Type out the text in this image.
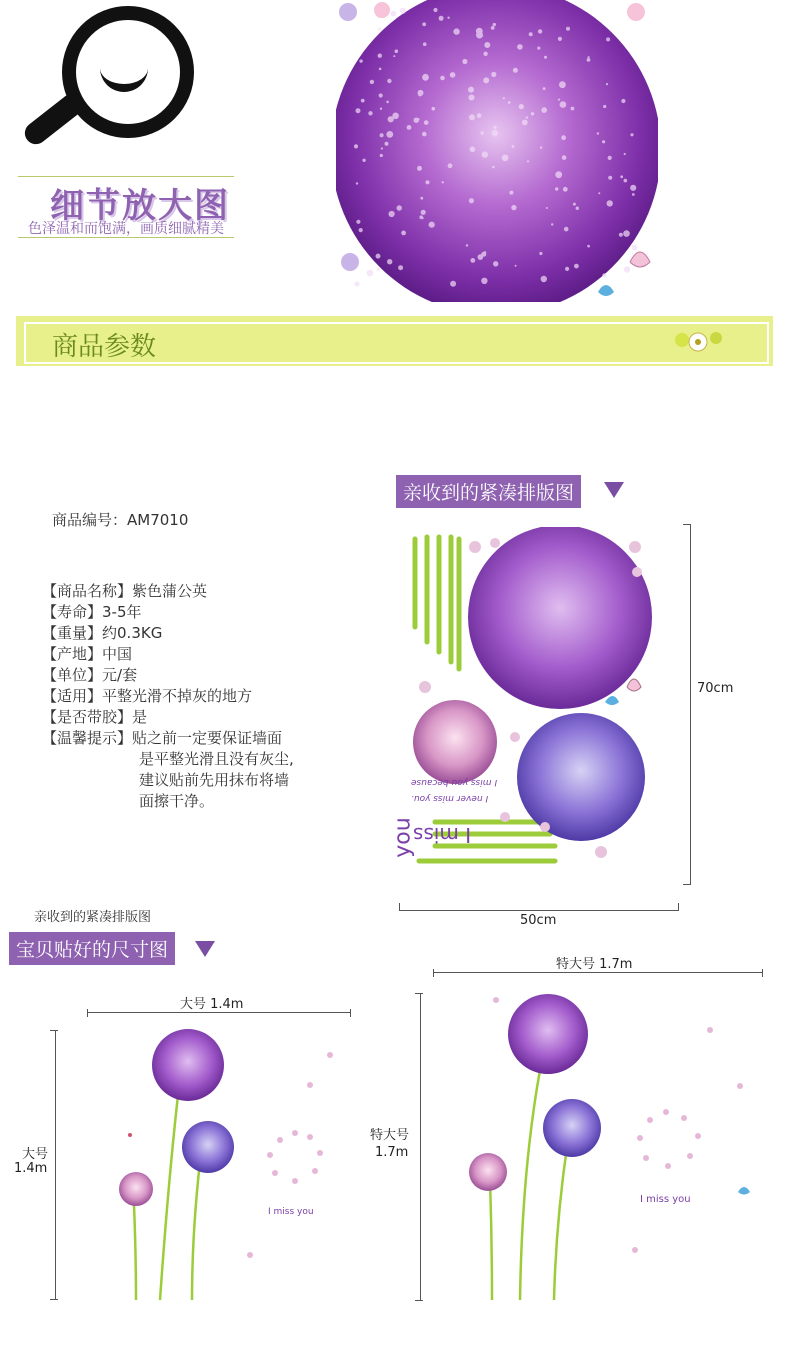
细节放大图
色泽温和而饱满，画质细腻精美
商品参数
亲收到的紧凑排版图
商品编号：AM7010
【商品名称】紫色蒲公英
【寿命】3-5年
【重量】约0.3KG
【产地】中国
【单位】元/套
【适用】平整光滑不掉灰的地方
【是否带胶】是
【温馨提示】贴之前一定要保证墙面
是平整光滑且没有灰尘,
建议贴前先用抹布将墙
面擦干净。
you
I miss
I never miss you.
I miss you because
70cm
50cm
亲收到的紧凑排版图
宝贝贴好的尺寸图
大号 1.4m
大号
1.4m
I miss you
特大号 1.7m
特大号
1.7m
I miss you
